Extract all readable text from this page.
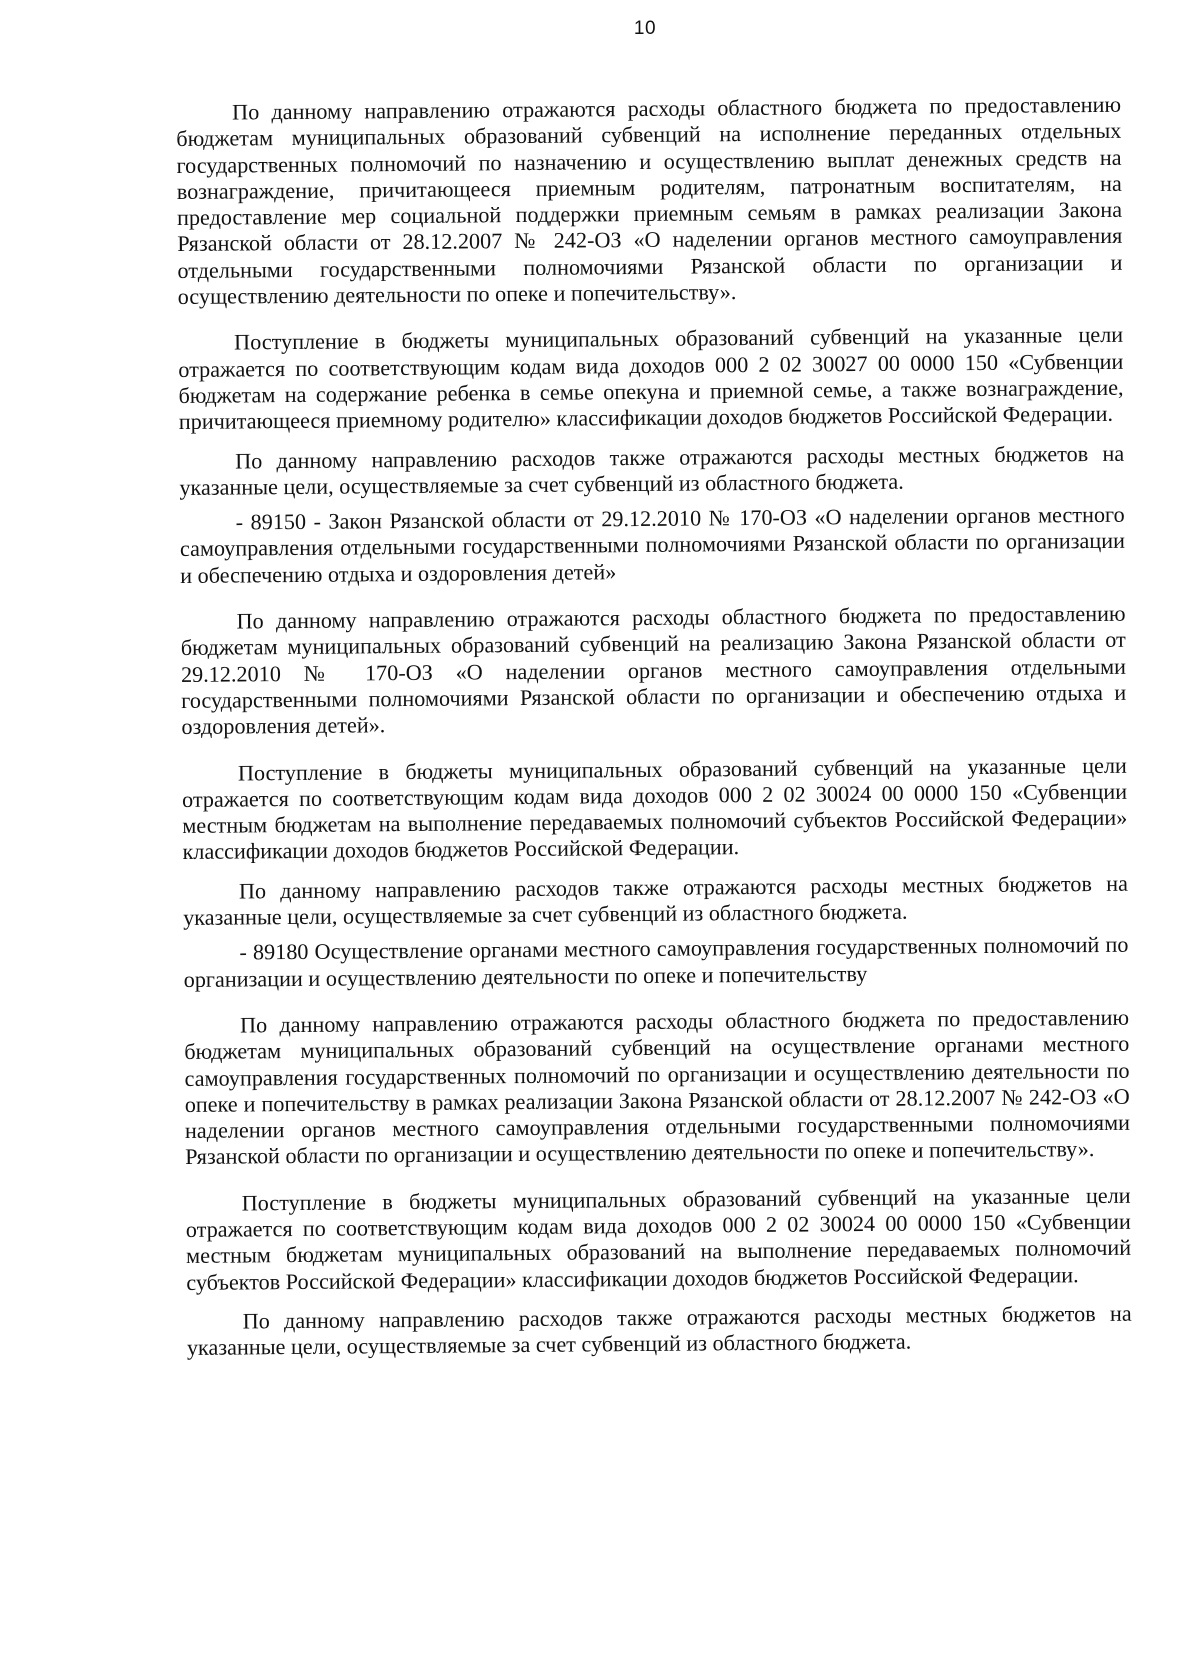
10

По данному направлению отражаются расходы областного бюджета по предоставлению бюджетам муниципальных образований субвенций на исполнение переданных отдельных государственных полномочий по назначению и осуществлению выплат денежных средств на вознаграждение, причитающееся приемным родителям, патронатным воспитателям, на предоставление мер социальной поддержки приемным семьям в рамках реализации Закона Рязанской области от 28.12.2007 № 242-ОЗ «О наделении органов местного самоуправления отдельными государственными полномочиями Рязанской области по организации и осуществлению деятельности по опеке и попечительству».

Поступление в бюджеты муниципальных образований субвенций на указанные цели отражается по соответствующим кодам вида доходов 000 2 02 30027 00 0000 150 «Субвенции бюджетам на содержание ребенка в семье опекуна и приемной семье, а также вознаграждение, причитающееся приемному родителю» классификации доходов бюджетов Российской Федерации.

По данному направлению расходов также отражаются расходы местных бюджетов на указанные цели, осуществляемые за счет субвенций из областного бюджета.

- 89150 - Закон Рязанской области от 29.12.2010 № 170-ОЗ «О наделении органов местного самоуправления отдельными государственными полномочиями Рязанской области по организации и обеспечению отдыха и оздоровления детей»

По данному направлению отражаются расходы областного бюджета по предоставлению бюджетам муниципальных образований субвенций на реализацию Закона Рязанской области от 29.12.2010 № 170-ОЗ «О наделении органов местного самоуправления отдельными государственными полномочиями Рязанской области по организации и обеспечению отдыха и оздоровления детей».

Поступление в бюджеты муниципальных образований субвенций на указанные цели отражается по соответствующим кодам вида доходов 000 2 02 30024 00 0000 150 «Субвенции местным бюджетам на выполнение передаваемых полномочий субъектов Российской Федерации» классификации доходов бюджетов Российской Федерации.

По данному направлению расходов также отражаются расходы местных бюджетов на указанные цели, осуществляемые за счет субвенций из областного бюджета.

- 89180 Осуществление органами местного самоуправления государственных полномочий по организации и осуществлению деятельности по опеке и попечительству

По данному направлению отражаются расходы областного бюджета по предоставлению бюджетам муниципальных образований субвенций на осуществление органами местного самоуправления государственных полномочий по организации и осуществлению деятельности по опеке и попечительству в рамках реализации Закона Рязанской области от 28.12.2007 № 242-ОЗ «О наделении органов местного самоуправления отдельными государственными полномочиями Рязанской области по организации и осуществлению деятельности по опеке и попечительству».

Поступление в бюджеты муниципальных образований субвенций на указанные цели отражается по соответствующим кодам вида доходов 000 2 02 30024 00 0000 150 «Субвенции местным бюджетам муниципальных образований на выполнение передаваемых полномочий субъектов Российской Федерации» классификации доходов бюджетов Российской Федерации.

По данному направлению расходов также отражаются расходы местных бюджетов на указанные цели, осуществляемые за счет субвенций из областного бюджета.
